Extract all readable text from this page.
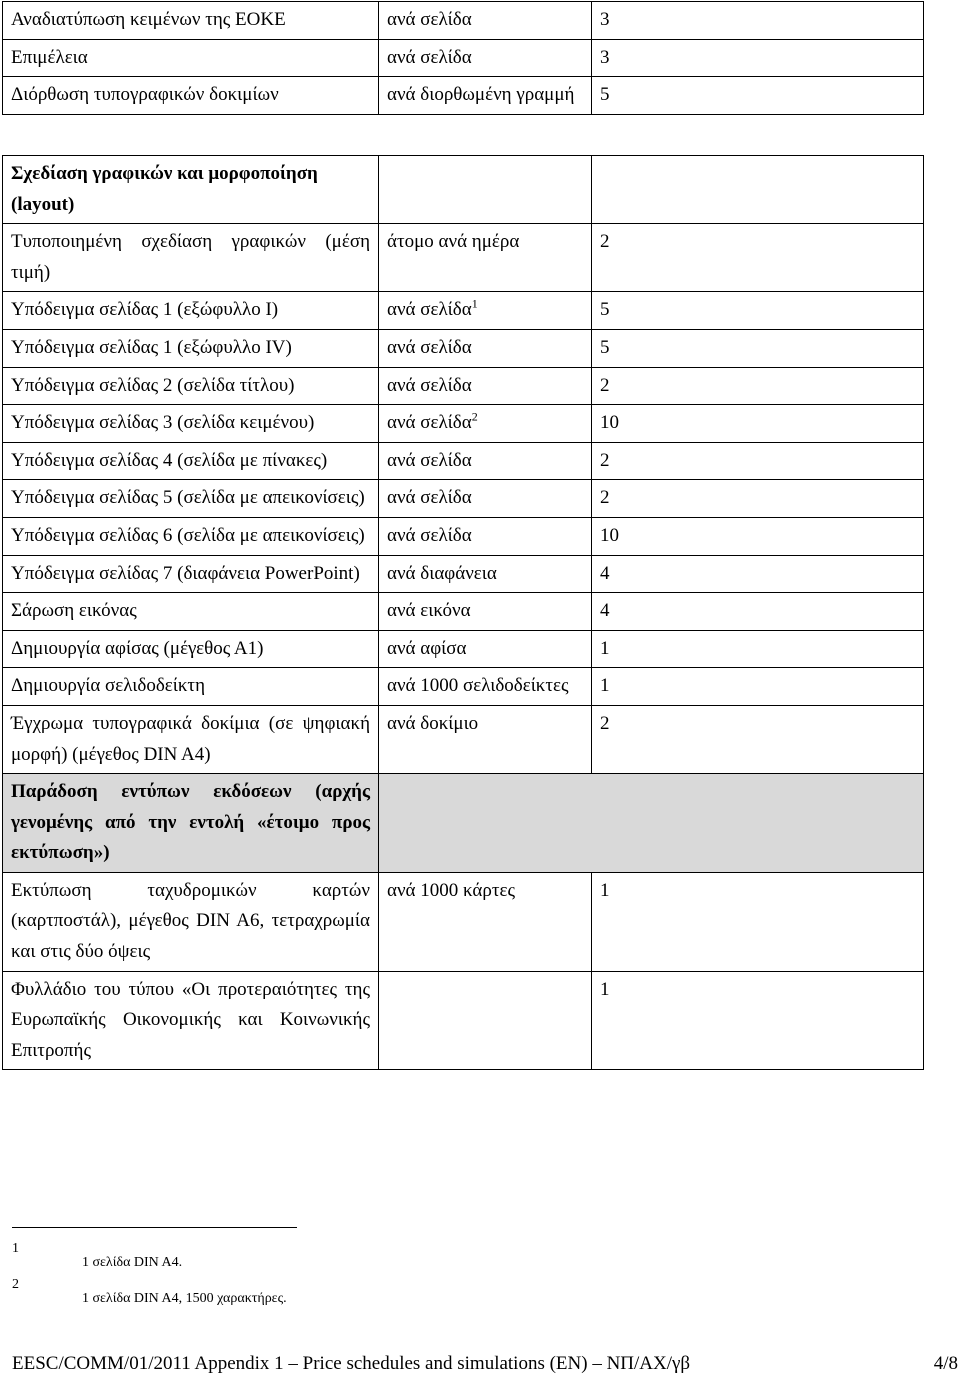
Αναδιατύπωση κειμένων της ΕΟΚΕ	ανά σελίδα	3
Επιμέλεια	ανά σελίδα	3
Διόρθωση τυπογραφικών δοκιμίων	ανά διορθωμένη γραμμή	5
Σχεδίαση γραφικών και μορφοποίηση (layout)		
Τυποποιημένη σχεδίαση γραφικών (μέση τιμή)	άτομο ανά ημέρα	2
Υπόδειγμα σελίδας 1 (εξώφυλλο I)	ανά σελίδα$^1$	5
Υπόδειγμα σελίδας 1 (εξώφυλλο IV)	ανά σελίδα	5
Υπόδειγμα σελίδας 2 (σελίδα τίτλου)	ανά σελίδα	2
Υπόδειγμα σελίδας 3 (σελίδα κειμένου)	ανά σελίδα$^2$	10
Υπόδειγμα σελίδας 4 (σελίδα με πίνακες)	ανά σελίδα	2
Υπόδειγμα σελίδας 5 (σελίδα με απεικονίσεις)	ανά σελίδα	2
Υπόδειγμα σελίδας 6 (σελίδα με απεικονίσεις)	ανά σελίδα	10
Υπόδειγμα σελίδας 7 (διαφάνεια PowerPoint)	ανά διαφάνεια	4
Σάρωση εικόνας	ανά εικόνα	4
Δημιουργία αφίσας (μέγεθος Α1)	ανά αφίσα	1
Δημιουργία σελιδοδείκτη	ανά 1000 σελιδοδείκτες	1
Έγχρωμα τυπογραφικά δοκίμια (σε ψηφιακή μορφή) (μέγεθος DIN A4)	ανά δοκίμιο	2
Παράδοση εντύπων εκδόσεων (αρχής γενομένης από την εντολή «έτοιμο προς εκτύπωση»)		
Εκτύπωση ταχυδρομικών καρτών (καρτποστάλ), μέγεθος DIN A6, τετραχρωμία και στις δύο όψεις	ανά 1000 κάρτες	1
Φυλλάδιο του τύπου «Οι προτεραιότητες της Ευρωπαϊκής Οικονομικής και Κοινωνικής Επιτροπής		1
11 σελίδα DIN A4.
21 σελίδα DIN A4, 1500 χαρακτήρες.
EESC/COMM/01/2011 Appendix 1 – Price schedules and simulations (EN) – ΝΠ/ΑΧ/γβ	4/8
